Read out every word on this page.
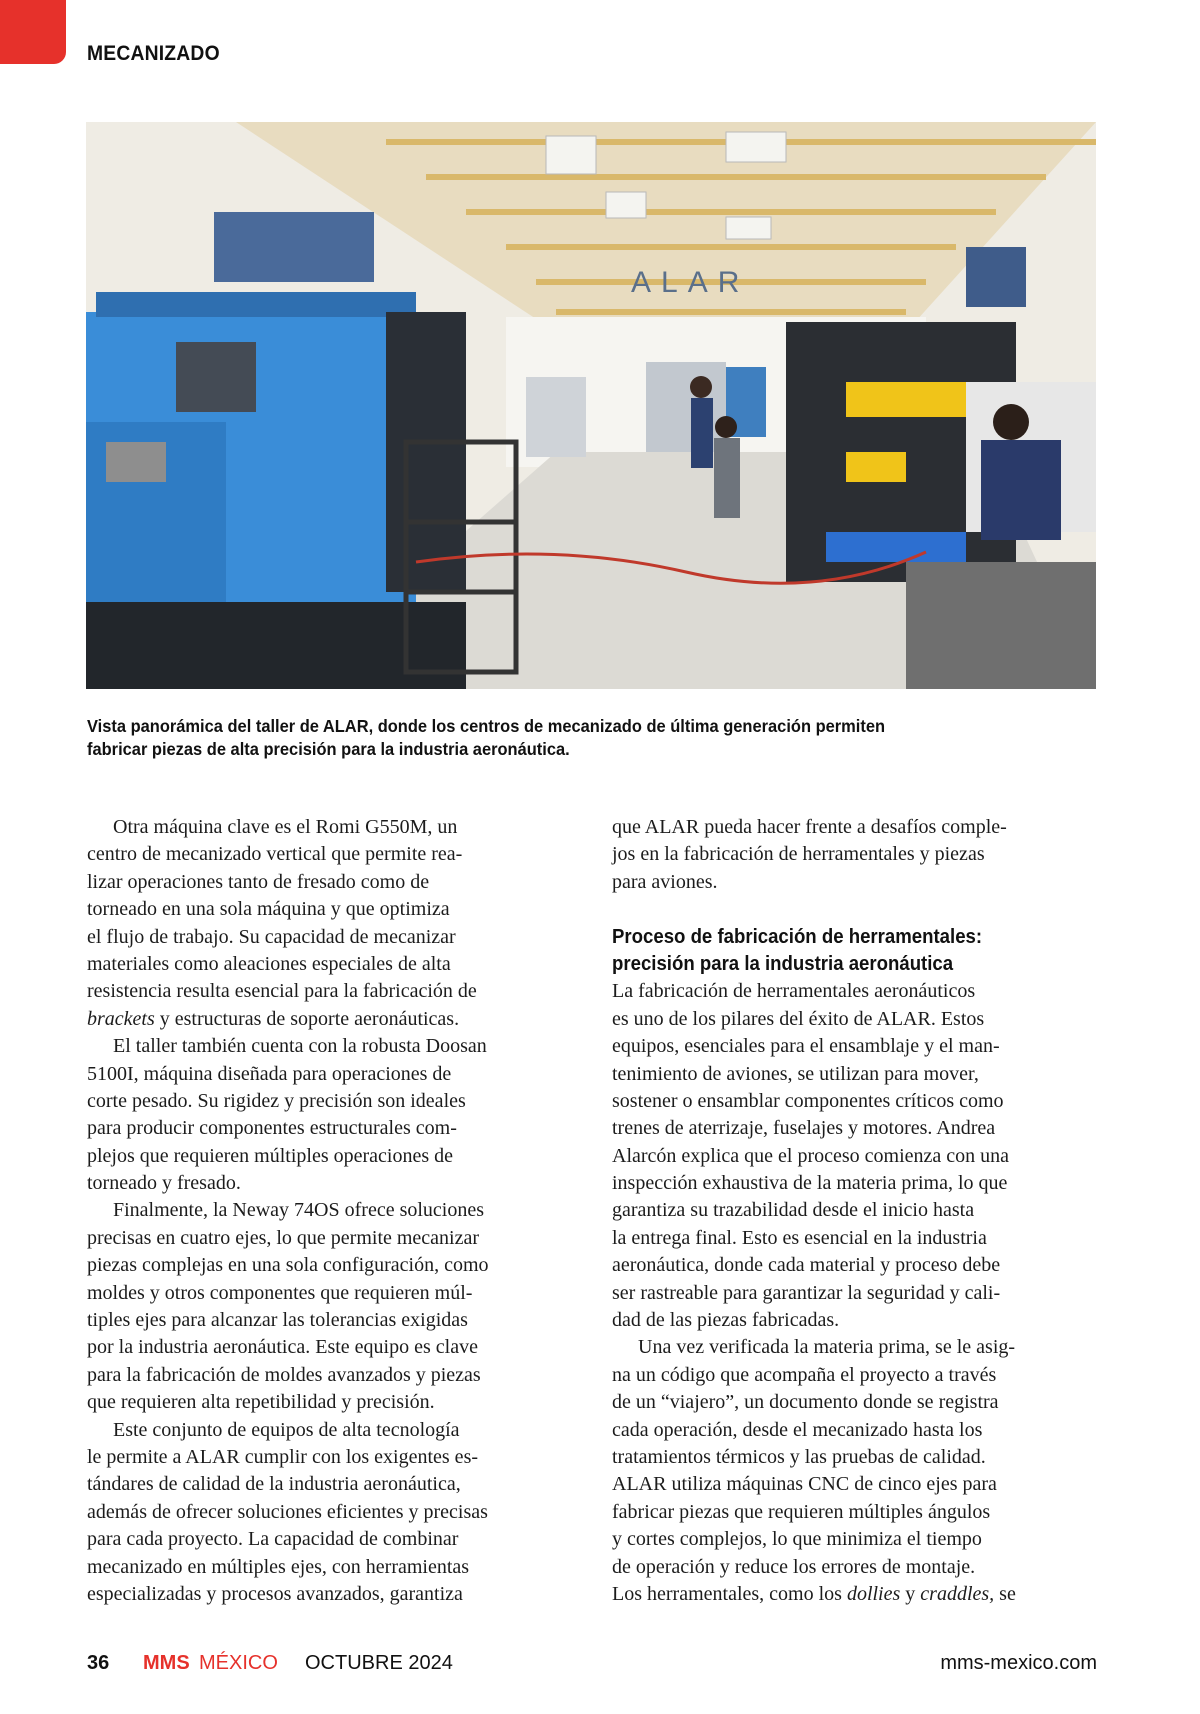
MECANIZADO
ALAR

Vista panorámica del taller de ALAR, donde los centros de mecanizado de última generación permiten
fabricar piezas de alta precisión para la industria aeronáutica.

Otra máquina clave es el Romi G550M, un
centro de mecanizado vertical que permite rea-
lizar operaciones tanto de fresado como de
torneado en una sola máquina y que optimiza
el flujo de trabajo. Su capacidad de mecanizar
materiales como aleaciones especiales de alta
resistencia resulta esencial para la fabricación de
brackets y estructuras de soporte aeronáuticas.
El taller también cuenta con la robusta Doosan
5100I, máquina diseñada para operaciones de
corte pesado. Su rigidez y precisión son ideales
para producir componentes estructurales com-
plejos que requieren múltiples operaciones de
torneado y fresado.
Finalmente, la Neway 74OS ofrece soluciones
precisas en cuatro ejes, lo que permite mecanizar
piezas complejas en una sola configuración, como
moldes y otros componentes que requieren múl-
tiples ejes para alcanzar las tolerancias exigidas
por la industria aeronáutica. Este equipo es clave
para la fabricación de moldes avanzados y piezas
que requieren alta repetibilidad y precisión.
Este conjunto de equipos de alta tecnología
le permite a ALAR cumplir con los exigentes es-
tándares de calidad de la industria aeronáutica,
además de ofrecer soluciones eficientes y precisas
para cada proyecto. La capacidad de combinar
mecanizado en múltiples ejes, con herramientas
especializadas y procesos avanzados, garantiza
que ALAR pueda hacer frente a desafíos comple-
jos en la fabricación de herramentales y piezas
para aviones.
Proceso de fabricación de herramentales:
precisión para la industria aeronáutica
La fabricación de herramentales aeronáuticos
es uno de los pilares del éxito de ALAR. Estos
equipos, esenciales para el ensamblaje y el man-
tenimiento de aviones, se utilizan para mover,
sostener o ensamblar componentes críticos como
trenes de aterrizaje, fuselajes y motores. Andrea
Alarcón explica que el proceso comienza con una
inspección exhaustiva de la materia prima, lo que
garantiza su trazabilidad desde el inicio hasta
la entrega final. Esto es esencial en la industria
aeronáutica, donde cada material y proceso debe
ser rastreable para garantizar la seguridad y cali-
dad de las piezas fabricadas.
Una vez verificada la materia prima, se le asig-
na un código que acompaña el proyecto a través
de un “viajero”, un documento donde se registra
cada operación, desde el mecanizado hasta los
tratamientos térmicos y las pruebas de calidad.
ALAR utiliza máquinas CNC de cinco ejes para
fabricar piezas que requieren múltiples ángulos
y cortes complejos, lo que minimiza el tiempo
de operación y reduce los errores de montaje.
Los herramentales, como los dollies y craddles, se
36 MMS MÉXICO OCTUBRE 2024	mms-mexico.com
